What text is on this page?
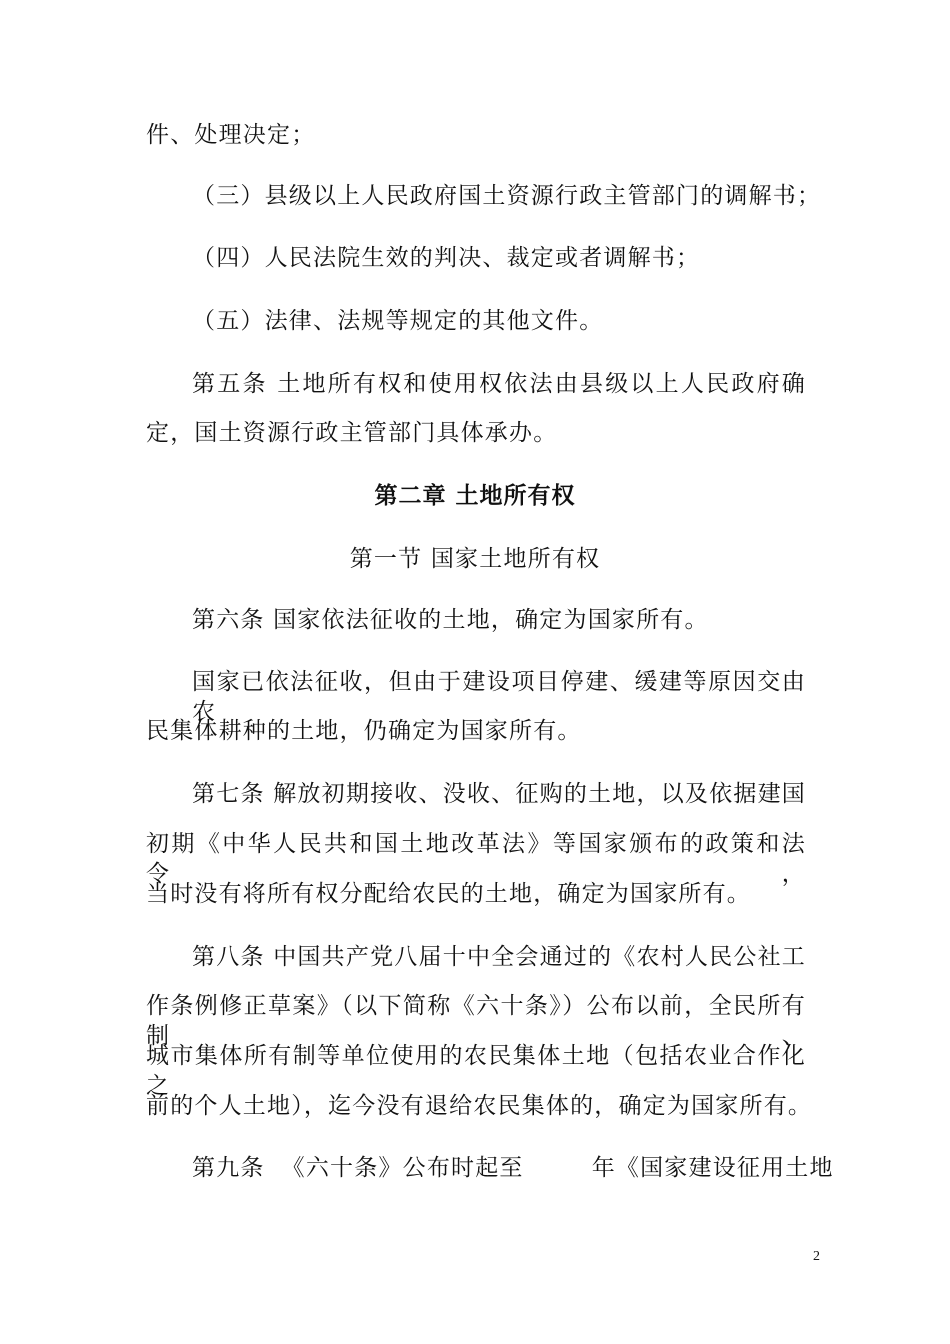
件、处理决定；
（三）县级以上人民政府国土资源行政主管部门的调解书；
（四）人民法院生效的判决、裁定或者调解书；
（五）法律、法规等规定的其他文件。
第五条 土地所有权和使用权依法由县级以上人民政府确
定，国土资源行政主管部门具体承办。
第二章 土地所有权
第一节 国家土地所有权
第六条 国家依法征收的土地，确定为国家所有。
国家已依法征收，但由于建设项目停建、缓建等原因交由农
民集体耕种的土地，仍确定为国家所有。
第七条 解放初期接收、没收、征购的土地，以及依据建国
初期《中华人民共和国土地改革法》等国家颁布的政策和法令，
当时没有将所有权分配给农民的土地，确定为国家所有。
第八条 中国共产党八届十中全会通过的《农村人民公社工
作条例修正草案》（以下简称《六十条》）公布以前，全民所有制、
城市集体所有制等单位使用的农民集体土地（包括农业合作化之
前的个人土地），迄今没有退给农民集体的，确定为国家所有。
第九条  《六十条》公布时起至        年《国家建设征用土地
2
